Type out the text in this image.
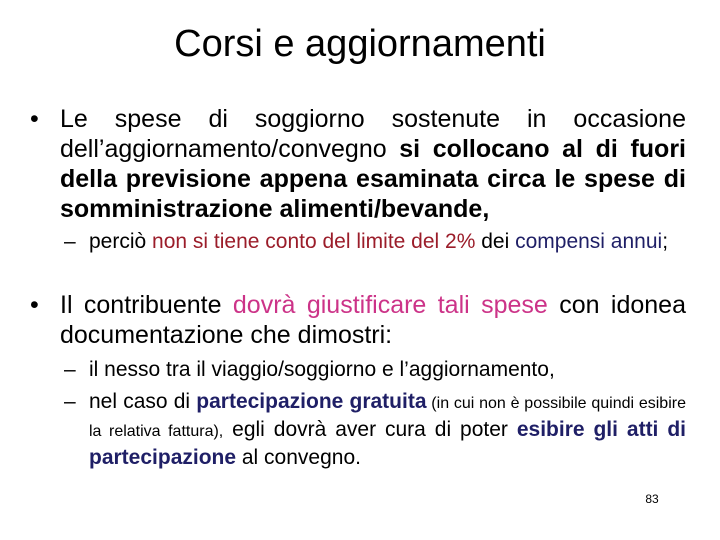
Corsi e aggiornamenti
• Le spese di soggiorno sostenute in occasione dell’aggiornamento/convegno si collocano al di fuori della previsione appena esaminata circa le spese di somministrazione alimenti/bevande,
– perciò non si tiene conto del limite del 2% dei compensi annui;
• Il contribuente dovrà giustificare tali spese con idonea documentazione che dimostri:
– il nesso tra il viaggio/soggiorno e l’aggiornamento,
– nel caso di partecipazione gratuita (in cui non è possibile quindi esibire la relativa fattura), egli dovrà aver cura di poter esibire gli atti di partecipazione al convegno.
83
